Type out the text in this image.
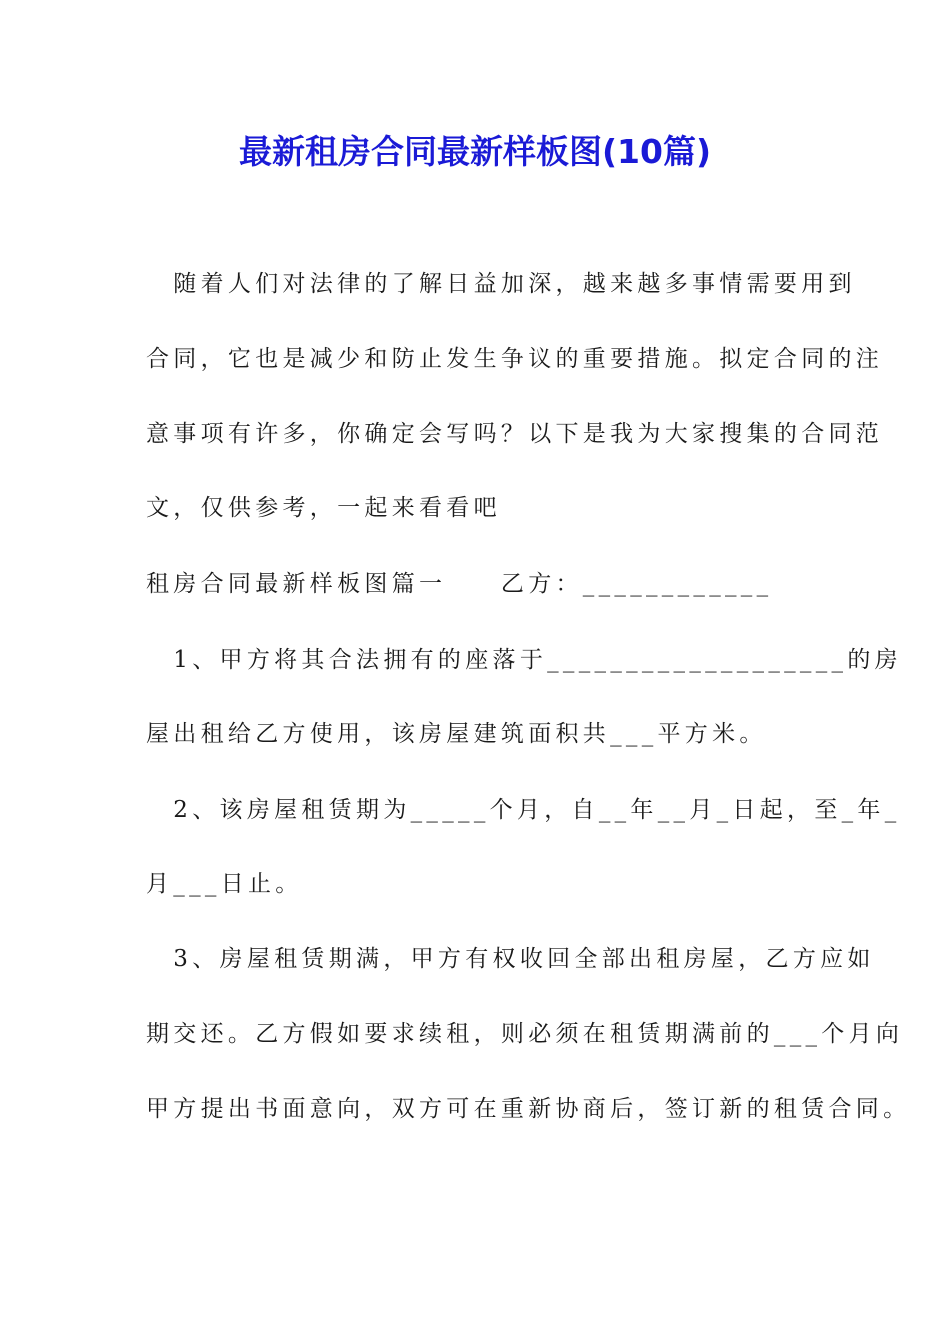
最新租房合同最新样板图(10篇)
　随着人们对法律的了解日益加深，越来越多事情需要用到
合同，它也是减少和防止发生争议的重要措施。拟定合同的注
意事项有许多，你确定会写吗？以下是我为大家搜集的合同范
文，仅供参考，一起来看看吧
租房合同最新样板图篇一　　乙方：____________
　1、甲方将其合法拥有的座落于___________________的房
屋出租给乙方使用，该房屋建筑面积共___平方米。
　2、该房屋租赁期为_____个月，自__年__月_日起，至_年_
月___日止。
　3、房屋租赁期满，甲方有权收回全部出租房屋，乙方应如
期交还。乙方假如要求续租，则必须在租赁期满前的___个月向
甲方提出书面意向，双方可在重新协商后，签订新的租赁合同。
